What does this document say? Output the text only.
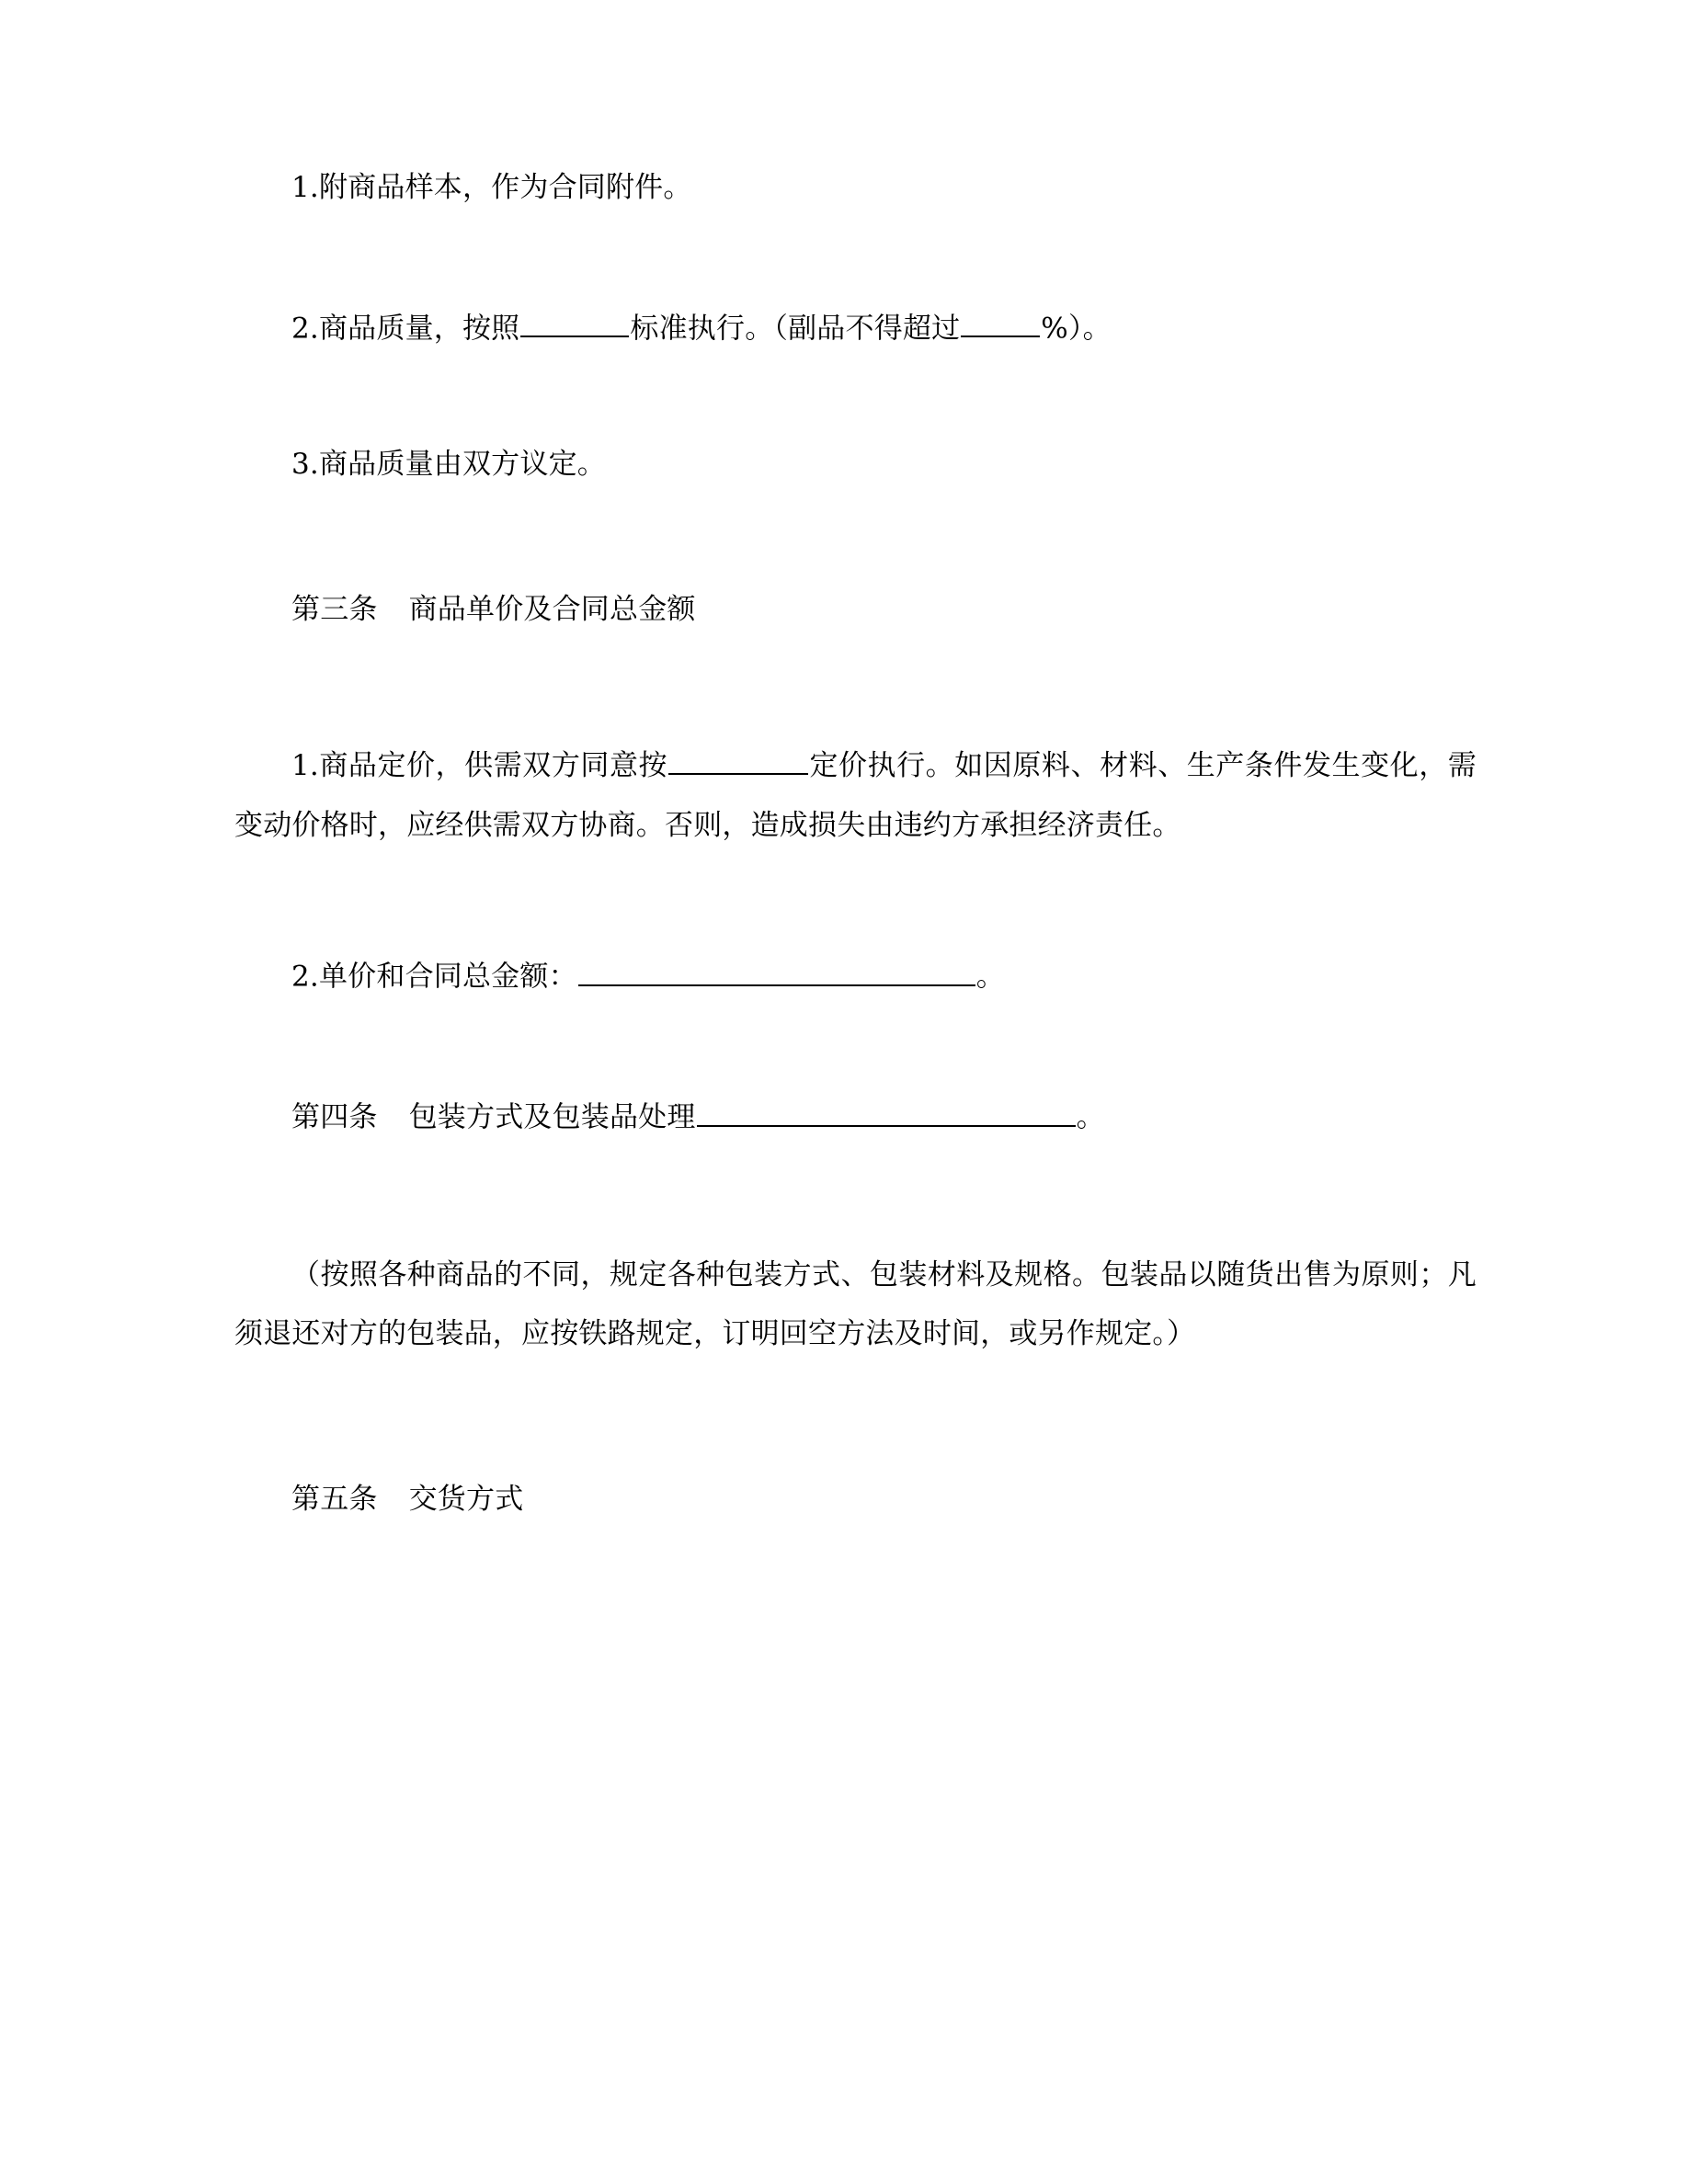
1.附商品样本，作为合同附件。

2.商品质量，按照	标准执行。（副品不得超过	%）。

3.商品质量由双方议定。

第三条 商品单价及合同总金额

1.商品定价，供需双方同意按	定价执行。如因原料、材料、生产条件发生变化，需变动价格时，应经供需双方协商。否则，造成损失由违约方承担经济责任。

2.单价和合同总金额：	。

第四条 包装方式及包装品处理	。

（按照各种商品的不同，规定各种包装方式、包装材料及规格。包装品以随货出售为原则；凡须退还对方的包装品，应按铁路规定，订明回空方法及时间，或另作规定。）

第五条 交货方式
